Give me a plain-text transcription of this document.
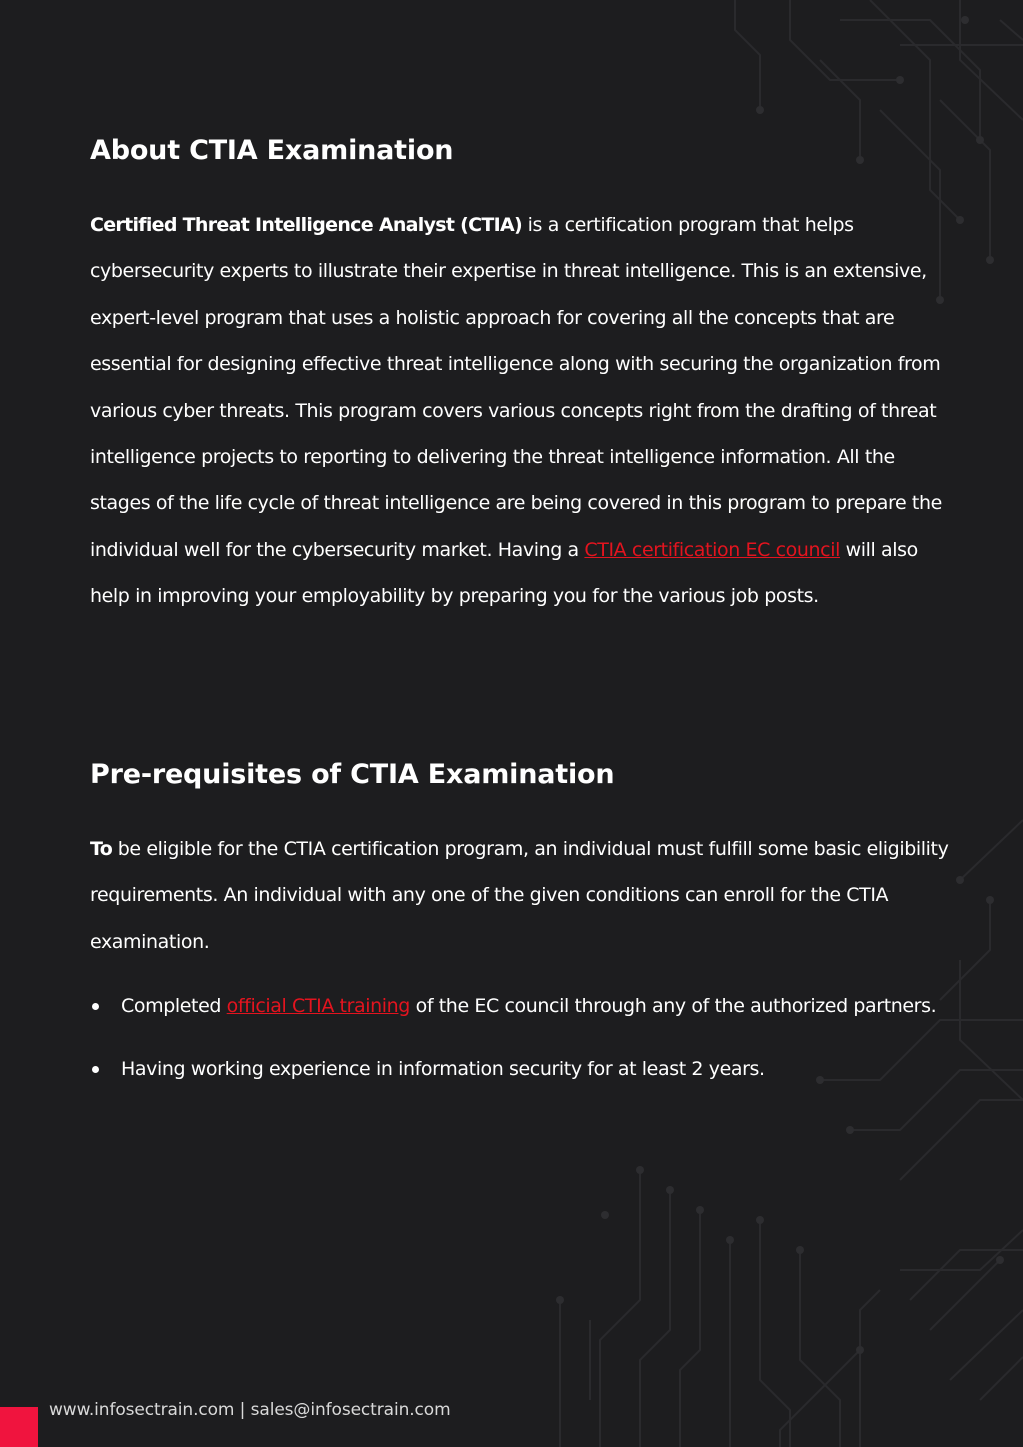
About CTIA Examination

Certified Threat Intelligence Analyst (CTIA) is a certification program that helps cybersecurity experts to illustrate their expertise in threat intelligence. This is an extensive, expert-level program that uses a holistic approach for covering all the concepts that are essential for designing effective threat intelligence along with securing the organization from various cyber threats. This program covers various concepts right from the drafting of threat intelligence projects to reporting to delivering the threat intelligence information. All the stages of the life cycle of threat intelligence are being covered in this program to prepare the individual well for the cybersecurity market. Having a CTIA certification EC council will also help in improving your employability by preparing you for the various job posts.

Pre-requisites of CTIA Examination

To be eligible for the CTIA certification program, an individual must fulfill some basic eligibility requirements. An individual with any one of the given conditions can enroll for the CTIA examination.

Completed official CTIA training of the EC council through any of the authorized partners.
Having working experience in information security for at least 2 years.
www.infosectrain.com | sales@infosectrain.com
